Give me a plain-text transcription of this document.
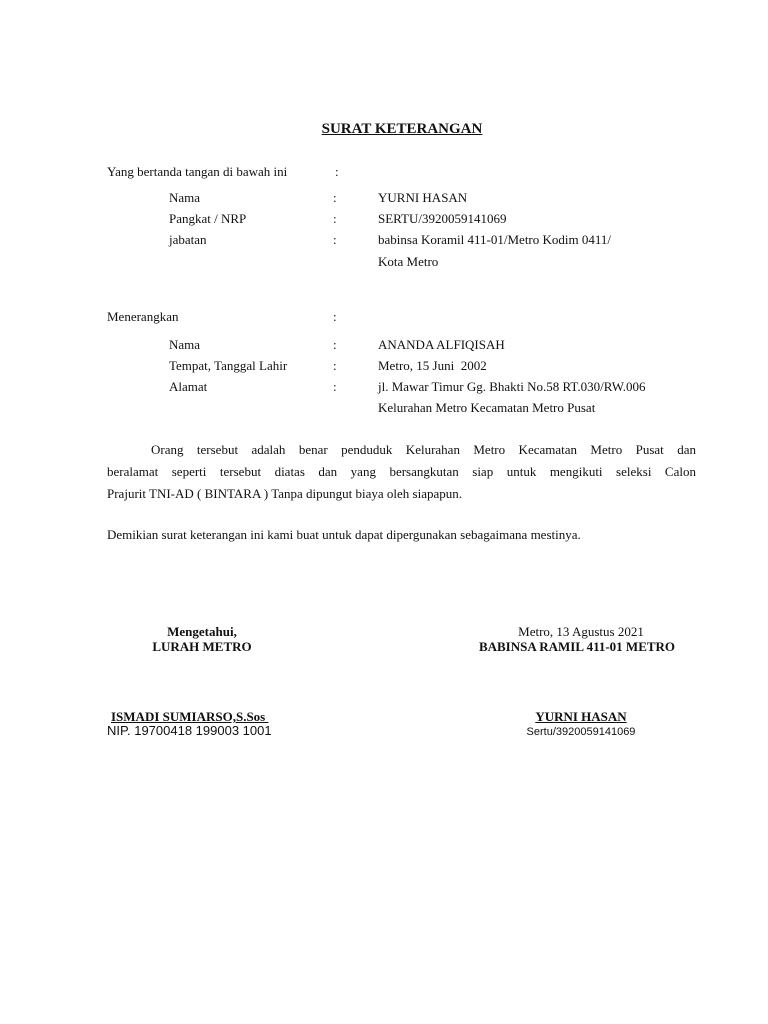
SURAT KETERANGAN
Yang bertanda tangan di bawah ini	:
Nama	:	YURNI HASAN
Pangkat / NRP	:	SERTU/3920059141069
jabatan	:	babinsa Koramil 411-01/Metro Kodim 0411/
Kota Metro
Menerangkan	:
Nama	:	ANANDA ALFIQISAH
Tempat, Tanggal Lahir	:	Metro, 15 Juni  2002
Alamat	:	jl. Mawar Timur Gg. Bhakti No.58 RT.030/RW.006
Kelurahan Metro Kecamatan Metro Pusat
Orang tersebut adalah benar penduduk Kelurahan Metro Kecamatan Metro Pusat dan
beralamat seperti tersebut diatas dan yang bersangkutan siap untuk mengikuti seleksi Calon
Prajurit TNI-AD ( BINTARA ) Tanpa dipungut biaya oleh siapapun.
Demikian surat keterangan ini kami buat untuk dapat dipergunakan sebagaimana mestinya.
Mengetahui,
LURAH METRO
ISMADI SUMIARSO,S.Sos
NIP. 19700418 199003 1001
Metro, 13 Agustus 2021
BABINSA RAMIL 411-01 METRO
YURNI HASAN
Sertu/3920059141069
